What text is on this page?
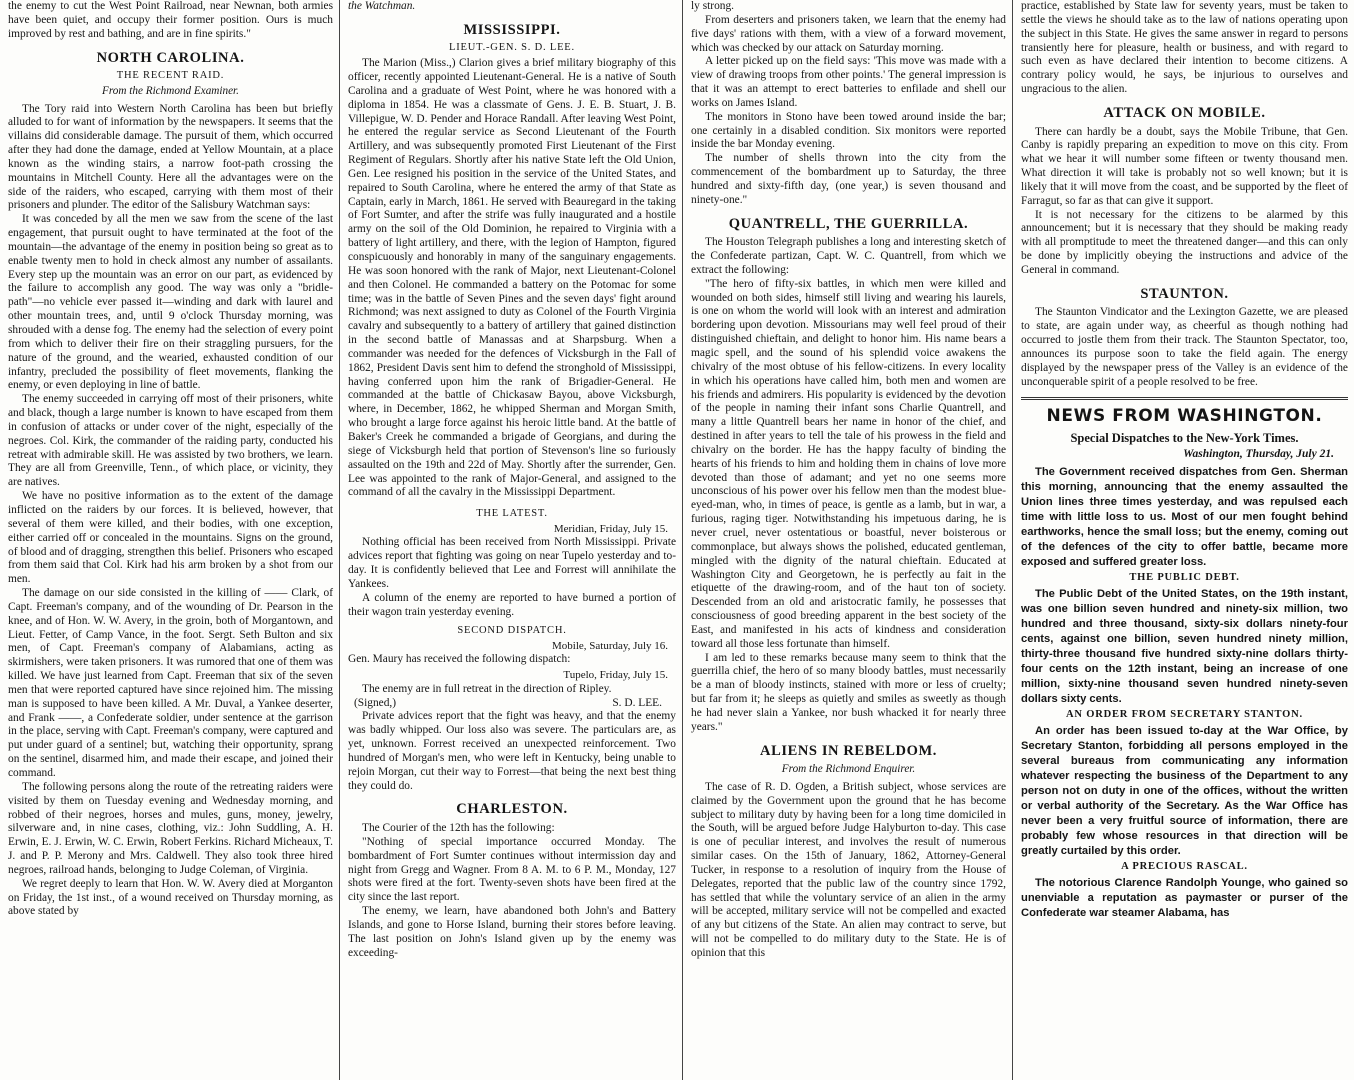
the enemy to cut the West Point Railroad, near Newnan, both armies have been quiet, and occupy their former position. Ours is much improved by rest and bathing, and are in fine spirits."

NORTH CAROLINA.
THE RECENT RAID.
From the Richmond Examiner.

The Tory raid into Western North Carolina has been but briefly alluded to for want of information by the newspapers. It seems that the villains did considerable damage. The pursuit of them, which occurred after they had done the damage, ended at Yellow Mountain, at a place known as the winding stairs, a narrow foot-path crossing the mountains in Mitchell County. Here all the advantages were on the side of the raiders, who escaped, carrying with them most of their prisoners and plunder. The editor of the Salisbury Watchman says:

It was conceded by all the men we saw from the scene of the last engagement, that pursuit ought to have terminated at the foot of the mountain—the advantage of the enemy in position being so great as to enable twenty men to hold in check almost any number of assailants. Every step up the mountain was an error on our part, as evidenced by the failure to accomplish any good. The way was only a "bridle-path"—no vehicle ever passed it—winding and dark with laurel and other mountain trees, and, until 9 o'clock Thursday morning, was shrouded with a dense fog. The enemy had the selection of every point from which to deliver their fire on their straggling pursuers, for the nature of the ground, and the wearied, exhausted condition of our infantry, precluded the possibility of fleet movements, flanking the enemy, or even deploying in line of battle.

The enemy succeeded in carrying off most of their prisoners, white and black, though a large number is known to have escaped from them in confusion of attacks or under cover of the night, especially of the negroes. Col. Kirk, the commander of the raiding party, conducted his retreat with admirable skill. He was assisted by two brothers, we learn. They are all from Greenville, Tenn., of which place, or vicinity, they are natives.

We have no positive information as to the extent of the damage inflicted on the raiders by our forces. It is believed, however, that several of them were killed, and their bodies, with one exception, either carried off or concealed in the mountains. Signs on the ground, of blood and of dragging, strengthen this belief. Prisoners who escaped from them said that Col. Kirk had his arm broken by a shot from our men.

The damage on our side consisted in the killing of —— Clark, of Capt. Freeman's company, and of the wounding of Dr. Pearson in the knee, and of Hon. W. W. Avery, in the groin, both of Morgantown, and Lieut. Fetter, of Camp Vance, in the foot. Sergt. Seth Bulton and six men, of Capt. Freeman's company of Alabamians, acting as skirmishers, were taken prisoners. It was rumored that one of them was killed. We have just learned from Capt. Freeman that six of the seven men that were reported captured have since rejoined him. The missing man is supposed to have been killed. A Mr. Duval, a Yankee deserter, and Frank ——, a Confederate soldier, under sentence at the garrison in the place, serving with Capt. Freeman's company, were captured and put under guard of a sentinel; but, watching their opportunity, sprang on the sentinel, disarmed him, and made their escape, and joined their command.

The following persons along the route of the retreating raiders were visited by them on Tuesday evening and Wednesday morning, and robbed of their negroes, horses and mules, guns, money, jewelry, silverware and, in nine cases, clothing, viz.: John Suddling, A. H. Erwin, E. J. Erwin, W. C. Erwin, Robert Ferkins. Richard Micheaux, T. J. and P. P. Merony and Mrs. Caldwell. They also took three hired negroes, railroad hands, belonging to Judge Coleman, of Virginia.

We regret deeply to learn that Hon. W. W. Avery died at Morganton on Friday, the 1st inst., of a wound received on Thursday morning, as above stated by

the Watchman.

MISSISSIPPI.
LIEUT.-GEN. S. D. LEE.

The Marion (Miss.,) Clarion gives a brief military biography of this officer, recently appointed Lieutenant-General. He is a native of South Carolina and a graduate of West Point, where he was honored with a diploma in 1854. He was a classmate of Gens. J. E. B. Stuart, J. B. Villepigue, W. D. Pender and Horace Randall. After leaving West Point, he entered the regular service as Second Lieutenant of the Fourth Artillery, and was subsequently promoted First Lieutenant of the First Regiment of Regulars. Shortly after his native State left the Old Union, Gen. Lee resigned his position in the service of the United States, and repaired to South Carolina, where he entered the army of that State as Captain, early in March, 1861. He served with Beauregard in the taking of Fort Sumter, and after the strife was fully inaugurated and a hostile army on the soil of the Old Dominion, he repaired to Virginia with a battery of light artillery, and there, with the legion of Hampton, figured conspicuously and honorably in many of the sanguinary engagements. He was soon honored with the rank of Major, next Lieutenant-Colonel and then Colonel. He commanded a battery on the Potomac for some time; was in the battle of Seven Pines and the seven days' fight around Richmond; was next assigned to duty as Colonel of the Fourth Virginia cavalry and subsequently to a battery of artillery that gained distinction in the second battle of Manassas and at Sharpsburg. When a commander was needed for the defences of Vicksburgh in the Fall of 1862, President Davis sent him to defend the stronghold of Mississippi, having conferred upon him the rank of Brigadier-General. He commanded at the battle of Chickasaw Bayou, above Vicksburgh, where, in December, 1862, he whipped Sherman and Morgan Smith, who brought a large force against his heroic little band. At the battle of Baker's Creek he commanded a brigade of Georgians, and during the siege of Vicksburgh held that portion of Stevenson's line so furiously assaulted on the 19th and 22d of May. Shortly after the surrender, Gen. Lee was appointed to the rank of Major-General, and assigned to the command of all the cavalry in the Mississippi Department.

THE LATEST.
Meridian, Friday, July 15.

Nothing official has been received from North Mississippi. Private advices report that fighting was going on near Tupelo yesterday and to-day. It is confidently believed that Lee and Forrest will annihilate the Yankees.

A column of the enemy are reported to have burned a portion of their wagon train yesterday evening.

SECOND DISPATCH.
Mobile, Saturday, July 16.

Gen. Maury has received the following dispatch:

Tupelo, Friday, July 15.

The enemy are in full retreat in the direction of Ripley.

(Signed,)	S. D. LEE.

Private advices report that the fight was heavy, and that the enemy was badly whipped. Our loss also was severe. The particulars are, as yet, unknown. Forrest received an unexpected reinforcement. Two hundred of Morgan's men, who were left in Kentucky, being unable to rejoin Morgan, cut their way to Forrest—that being the next best thing they could do.

CHARLESTON.

The Courier of the 12th has the following:

"Nothing of special importance occurred Monday. The bombardment of Fort Sumter continues without intermission day and night from Gregg and Wagner. From 8 A. M. to 6 P. M., Monday, 127 shots were fired at the fort. Twenty-seven shots have been fired at the city since the last report.

The enemy, we learn, have abandoned both John's and Battery Islands, and gone to Horse Island, burning their stores before leaving. The last position on John's Island given up by the enemy was exceeding-

ly strong.

From deserters and prisoners taken, we learn that the enemy had five days' rations with them, with a view of a forward movement, which was checked by our attack on Saturday morning.

A letter picked up on the field says: 'This move was made with a view of drawing troops from other points.' The general impression is that it was an attempt to erect batteries to enfilade and shell our works on James Island.

The monitors in Stono have been towed around inside the bar; one certainly in a disabled condition. Six monitors were reported inside the bar Monday evening.

The number of shells thrown into the city from the commencement of the bombardment up to Saturday, the three hundred and sixty-fifth day, (one year,) is seven thousand and ninety-one."

QUANTRELL, THE GUERRILLA.

The Houston Telegraph publishes a long and interesting sketch of the Confederate partizan, Capt. W. C. Quantrell, from which we extract the following:

"The hero of fifty-six battles, in which men were killed and wounded on both sides, himself still living and wearing his laurels, is one on whom the world will look with an interest and admiration bordering upon devotion. Missourians may well feel proud of their distinguished chieftain, and delight to honor him. His name bears a magic spell, and the sound of his splendid voice awakens the chivalry of the most obtuse of his fellow-citizens. In every locality in which his operations have called him, both men and women are his friends and admirers. His popularity is evidenced by the devotion of the people in naming their infant sons Charlie Quantrell, and many a little Quantrell bears her name in honor of the chief, and destined in after years to tell the tale of his prowess in the field and chivalry on the border. He has the happy faculty of binding the hearts of his friends to him and holding them in chains of love more devoted than those of adamant; and yet no one seems more unconscious of his power over his fellow men than the modest blue-eyed-man, who, in times of peace, is gentle as a lamb, but in war, a furious, raging tiger. Notwithstanding his impetuous daring, he is never cruel, never ostentatious or boastful, never boisterous or commonplace, but always shows the polished, educated gentleman, mingled with the dignity of the natural chieftain. Educated at Washington City and Georgetown, he is perfectly au fait in the etiquette of the drawing-room, and of the haut ton of society. Descended from an old and aristocratic family, he possesses that consciousness of good breeding apparent in the best society of the East, and manifested in his acts of kindness and consideration toward all those less fortunate than himself.

I am led to these remarks because many seem to think that the guerrilla chief, the hero of so many bloody battles, must necessarily be a man of bloody instincts, stained with more or less of cruelty; but far from it; he sleeps as quietly and smiles as sweetly as though he had never slain a Yankee, nor bush whacked it for nearly three years."

ALIENS IN REBELDOM.
From the Richmond Enquirer.

The case of R. D. Ogden, a British subject, whose services are claimed by the Government upon the ground that he has become subject to military duty by having been for a long time domiciled in the South, will be argued before Judge Halyburton to-day. This case is one of peculiar interest, and involves the result of numerous similar cases. On the 15th of January, 1862, Attorney-General Tucker, in response to a resolution of inquiry from the House of Delegates, reported that the public law of the country since 1792, has settled that while the voluntary service of an alien in the army will be accepted, military service will not be compelled and exacted of any but citizens of the State. An alien may contract to serve, but will not be compelled to do military duty to the State. He is of opinion that this

practice, established by State law for seventy years, must be taken to settle the views he should take as to the law of nations operating upon the subject in this State. He gives the same answer in regard to persons transiently here for pleasure, health or business, and with regard to such even as have declared their intention to become citizens. A contrary policy would, he says, be injurious to ourselves and ungracious to the alien.

ATTACK ON MOBILE.

There can hardly be a doubt, says the Mobile Tribune, that Gen. Canby is rapidly preparing an expedition to move on this city. From what we hear it will number some fifteen or twenty thousand men. What direction it will take is probably not so well known; but it is likely that it will move from the coast, and be supported by the fleet of Farragut, so far as that can give it support.

It is not necessary for the citizens to be alarmed by this announcement; but it is necessary that they should be making ready with all promptitude to meet the threatened danger—and this can only be done by implicitly obeying the instructions and advice of the General in command.

STAUNTON.

The Staunton Vindicator and the Lexington Gazette, we are pleased to state, are again under way, as cheerful as though nothing had occurred to jostle them from their track. The Staunton Spectator, too, announces its purpose soon to take the field again. The energy displayed by the newspaper press of the Valley is an evidence of the unconquerable spirit of a people resolved to be free.

NEWS FROM WASHINGTON.
Special Dispatches to the New-York Times.
Washington, Thursday, July 21.

The Government received dispatches from Gen. Sherman this morning, announcing that the enemy assaulted the Union lines three times yesterday, and was repulsed each time with little loss to us. Most of our men fought behind earthworks, hence the small loss; but the enemy, coming out of the defences of the city to offer battle, became more exposed and suffered greater loss.

THE PUBLIC DEBT.

The Public Debt of the United States, on the 19th instant, was one billion seven hundred and ninety-six million, two hundred and three thousand, sixty-six dollars ninety-four cents, against one billion, seven hundred ninety million, thirty-three thousand five hundred sixty-nine dollars thirty-four cents on the 12th instant, being an increase of one million, sixty-nine thousand seven hundred ninety-seven dollars sixty cents.

AN ORDER FROM SECRETARY STANTON.

An order has been issued to-day at the War Office, by Secretary Stanton, forbidding all persons employed in the several bureaus from communicating any information whatever respecting the business of the Department to any person not on duty in one of the offices, without the written or verbal authority of the Secretary. As the War Office has never been a very fruitful source of information, there are probably few whose resources in that direction will be greatly curtailed by this order.

A PRECIOUS RASCAL.

The notorious Clarence Randolph Younge, who gained so unenviable a reputation as paymaster or purser of the Confederate war steamer Alabama, has
